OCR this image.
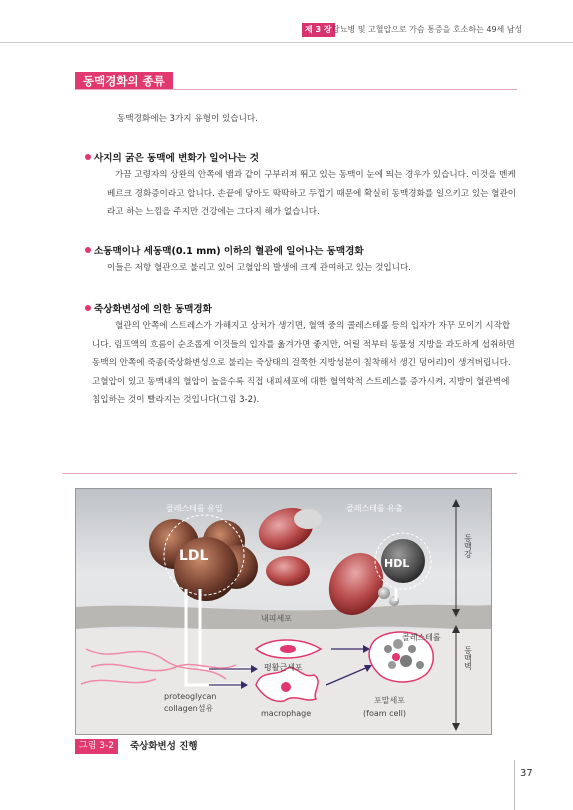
제 3 장 당뇨병 및 고혈압으로 가슴 통증을 호소하는 49세 남성
동맥경화의 종류
동맥경화에는 3가지 유형이 있습니다.
사지의 굵은 동맥에 변화가 일어나는 것
가끔 고령자의 상완의 안쪽에 뱀과 같이 구부러져 뛰고 있는 동맥이 눈에 띄는 경우가 있습니다. 이것을 멘케베르크 경화증이라고 합니다. 손끝에 닿아도 딱딱하고 두껍기 때문에 확실히 동맥경화를 일으키고 있는 혈관이라고 하는 느낌을 주지만 건강에는 그다지 해가 없습니다.
소동맥이나 세동맥(0.1 mm) 이하의 혈관에 일어나는 동맥경화
이들은 저항 혈관으로 불리고 있어 고혈압의 발생에 크게 관여하고 있는 것입니다.
죽상화변성에 의한 동맥경화
혈관의 안쪽에 스트레스가 가해지고 상처가 생기면, 혈액 중의 콜레스테롤 등의 입자가 자꾸 모이기 시작합니다. 림프액의 흐름이 순조롭게 이것들의 입자를 옮겨가면 좋지만, 어릴 적부터 동물성 지방을 과도하게 섭취하면 동맥의 안쪽에 죽종(죽상화변성으로 불리는 죽상태의 걸쭉한 지방성분이 침착해서 생긴 덩어리)이 생겨버립니다. 고혈압이 있고 동맥내의 혈압이 높을수록 직접 내피세포에 대한 혈역학적 스트레스를 증가시켜, 지방이 혈관벽에 침입하는 것이 빨라지는 것입니다(그림 3-2).
콜레스테롤 유입	콜레스테롤 유출
LDL	HDL
내피세포
콜레스테롤
평활근세포
proteoglycan
collagen섬유
macrophage
포말세포
(foam cell)
동맥강
동맥벽
그림 3-2	죽상화변성 진행
37
